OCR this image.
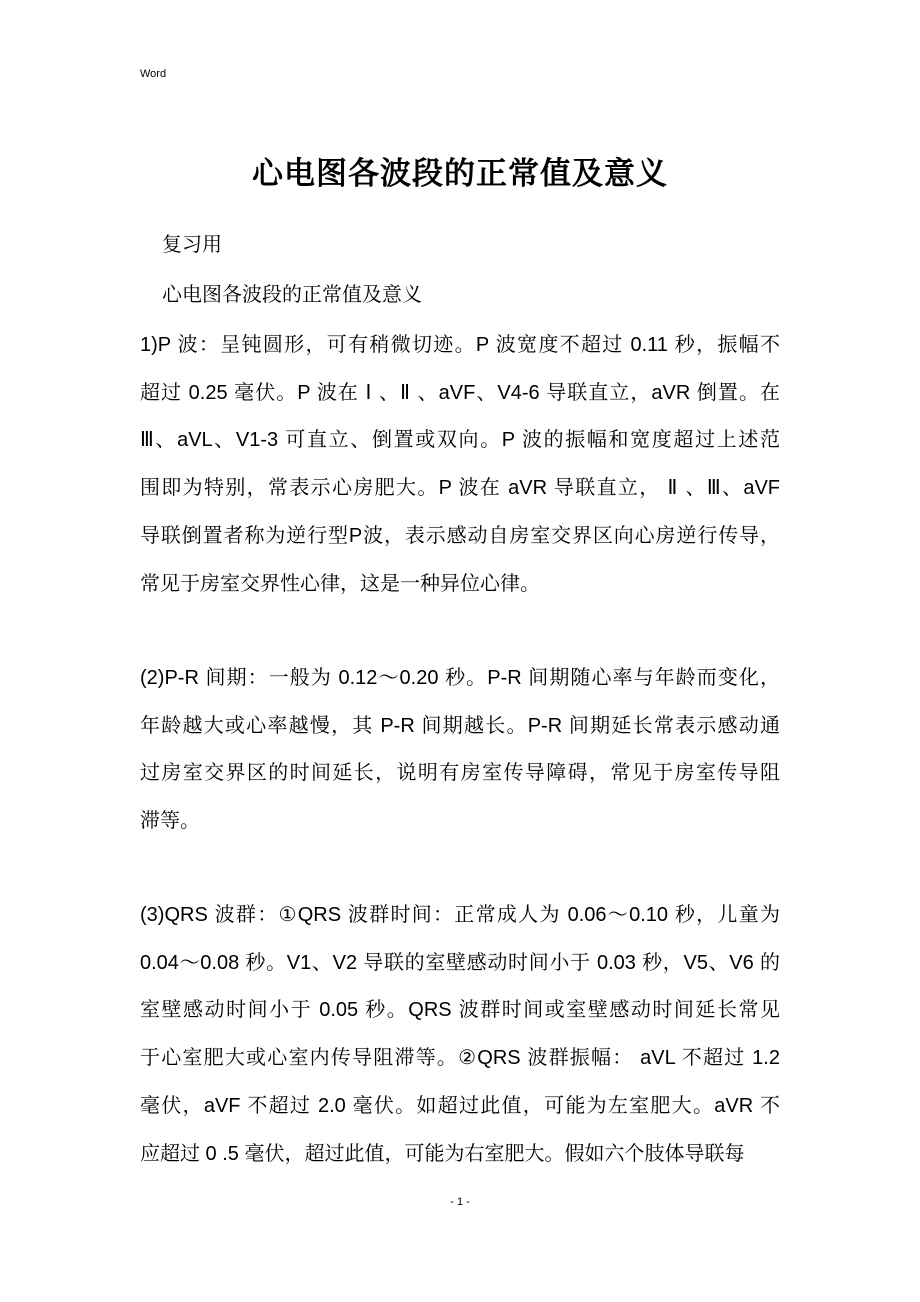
Word
心电图各波段的正常值及意义
复习用
心电图各波段的正常值及意义
1)P 波：呈钝圆形，可有稍微切迹。P 波宽度不超过 0.11 秒，振幅不
超过 0.25 毫伏。P 波在 Ⅰ 、Ⅱ 、aVF、V4-6 导联直立，aVR 倒置。在
Ⅲ、aVL、V1-3 可直立、倒置或双向。P 波的振幅和宽度超过上述范
围即为特别，常表示心房肥大。P 波在 aVR 导联直立， Ⅱ 、Ⅲ、aVF
导联倒置者称为逆行型P波，表示感动自房室交界区向心房逆行传导，
常见于房室交界性心律，这是一种异位心律。
(2)P-R 间期：一般为 0.12～0.20 秒。P-R 间期随心率与年龄而变化，
年龄越大或心率越慢，其 P-R 间期越长。P-R 间期延长常表示感动通
过房室交界区的时间延长，说明有房室传导障碍，常见于房室传导阻
滞等。
(3)QRS 波群：①QRS 波群时间：正常成人为 0.06～0.10 秒，儿童为
0.04～0.08 秒。V1、V2 导联的室壁感动时间小于 0.03 秒，V5、V6 的
室壁感动时间小于 0.05 秒。QRS 波群时间或室壁感动时间延长常见
于心室肥大或心室内传导阻滞等。②QRS 波群振幅： aVL 不超过 1.2
毫伏，aVF 不超过 2.0 毫伏。如超过此值，可能为左室肥大。aVR 不
应超过 0 .5 毫伏，超过此值，可能为右室肥大。假如六个肢体导联每
- 1 -
